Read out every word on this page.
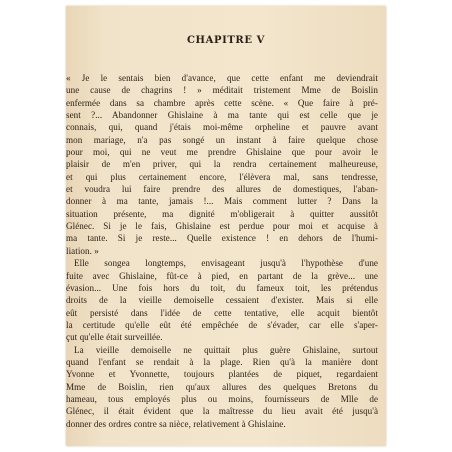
CHAPITRE V
« Je le sentais bien d'avance, que cette enfant me deviendrait
une cause de chagrins ! » méditait tristement Mme de Boislin
enfermée dans sa chambre après cette scène. « Que faire à pré-
sent ?... Abandonner Ghislaine à ma tante qui est celle que je
connais, qui, quand j'étais moi-même orpheline et pauvre avant
mon mariage, n'a pas songé un instant à faire quelque chose
pour moi, qui ne veut me prendre Ghislaine que pour avoir le
plaisir de m'en priver, qui la rendra certainement malheureuse,
et qui plus certainement encore, l'élèvera mal, sans tendresse,
et voudra lui faire prendre des allures de domestiques, l'aban-
donner à ma tante, jamais !... Mais comment lutter ? Dans la
situation présente, ma dignité m'obligerait à quitter aussitôt
Glénec. Si je le fais, Ghislaine est perdue pour moi et acquise à
ma tante. Si je reste... Quelle existence ! en dehors de l'humi-
liation. »
Elle songea longtemps, envisageant jusqu'à l'hypothèse d'une
fuite avec Ghislaine, fût-ce à pied, en partant de la grève... une
évasion... Une fois hors du toit, du fameux toit, les prétendus
droits de la vieille demoiselle cessaient d'exister. Mais si elle
eût persisté dans l'idée de cette tentative, elle acquit bientôt
la certitude qu'elle eût été empêchée de s'évader, car elle s'aper-
çut qu'elle était surveillée.
La vieille demoiselle ne quittait plus guère Ghislaine, surtout
quand l'enfant se rendait à la plage. Rien qu'à la manière dont
Yvonne et Yvonnette, toujours plantées de piquet, regardaient
Mme de Boislin, rien qu'aux allures des quelques Bretons du
hameau, tous employés plus ou moins, fournisseurs de Mlle de
Glénec, il était évident que la maîtresse du lieu avait été jusqu'à
donner des ordres contre sa nièce, relativement à Ghislaine.
